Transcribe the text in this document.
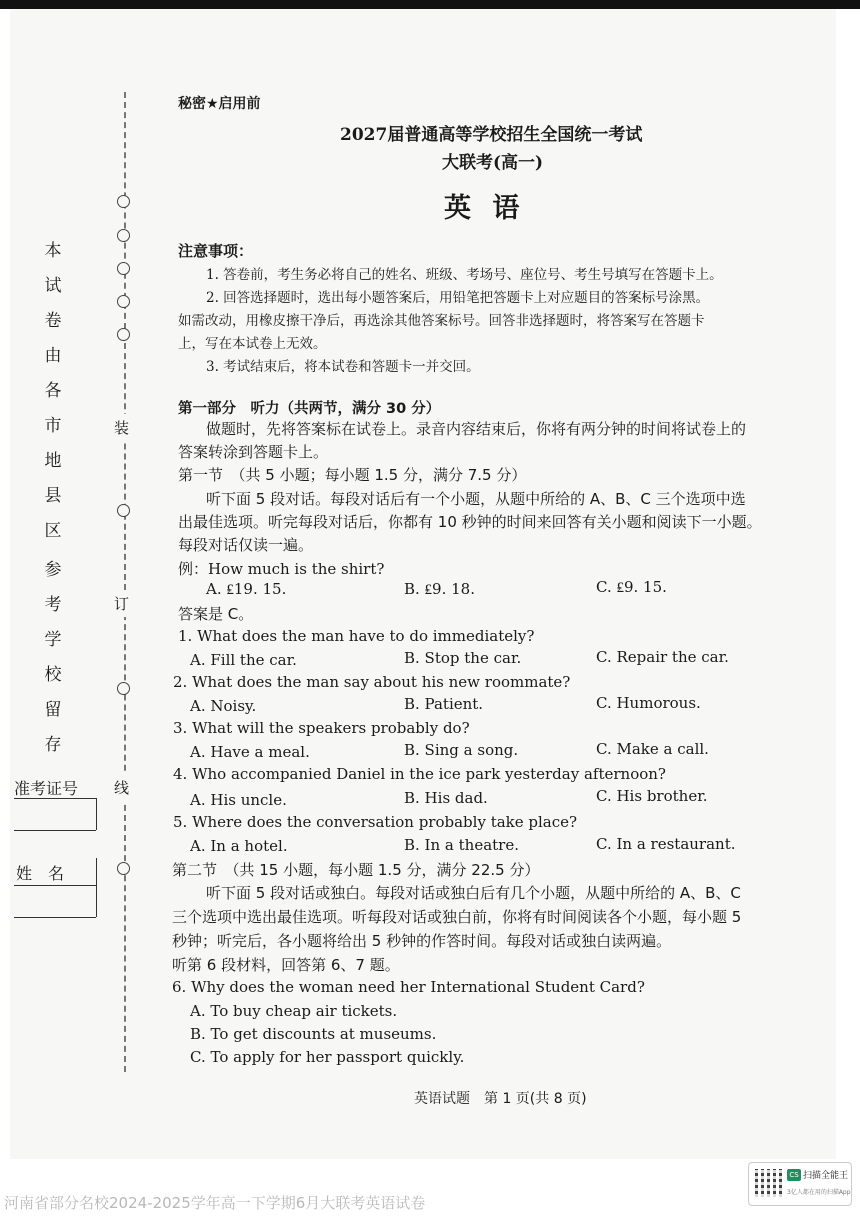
装
订
线
本
试
卷
由
各
市
地
县
区
参
考
学
校
留
存
准考证号
姓　名
秘密★启用前
2027届普通高等学校招生全国统一考试
大联考(高一)
英 语
注意事项：
1. 答卷前，考生务必将自己的姓名、班级、考场号、座位号、考生号填写在答题卡上。
2. 回答选择题时，选出每小题答案后，用铅笔把答题卡上对应题目的答案标号涂黑。
如需改动，用橡皮擦干净后，再选涂其他答案标号。回答非选择题时，将答案写在答题卡
上，写在本试卷上无效。
3. 考试结束后，将本试卷和答题卡一并交回。
第一部分　听力（共两节，满分 30 分）
做题时，先将答案标在试卷上。录音内容结束后，你将有两分钟的时间将试卷上的
答案转涂到答题卡上。
第一节　（共 5 小题；每小题 1.5 分，满分 7.5 分）
听下面 5 段对话。每段对话后有一个小题，从题中所给的 A、B、C 三个选项中选
出最佳选项。听完每段对话后，你都有 10 秒钟的时间来回答有关小题和阅读下一小题。
每段对话仅读一遍。
例：How much is the shirt?
A. ₤19. 15.	B. ₤9. 18.	C. ₤9. 15.
答案是 C。
1. What does the man have to do immediately?
A. Fill the car.	B. Stop the car.	C. Repair the car.
2. What does the man say about his new roommate?
A. Noisy.	B. Patient.	C. Humorous.
3. What will the speakers probably do?
A. Have a meal.	B. Sing a song.	C. Make a call.
4. Who accompanied Daniel in the ice park yesterday afternoon?
A. His uncle.	B. His dad.	C. His brother.
5. Where does the conversation probably take place?
A. In a hotel.	B. In a theatre.	C. In a restaurant.
第二节　（共 15 小题，每小题 1.5 分，满分 22.5 分）
听下面 5 段对话或独白。每段对话或独白后有几个小题，从题中所给的 A、B、C
三个选项中选出最佳选项。听每段对话或独白前，你将有时间阅读各个小题，每小题 5
秒钟；听完后，各小题将给出 5 秒钟的作答时间。每段对话或独白读两遍。
听第 6 段材料，回答第 6、7 题。
6. Why does the woman need her International Student Card?
A. To buy cheap air tickets.
B. To get discounts at museums.
C. To apply for her passport quickly.
英语试题　第 1 页(共 8 页)
河南省部分名校2024-2025学年高一下学期6月大联考英语试卷
CS 扫描全能王
3亿人都在用的扫描App
